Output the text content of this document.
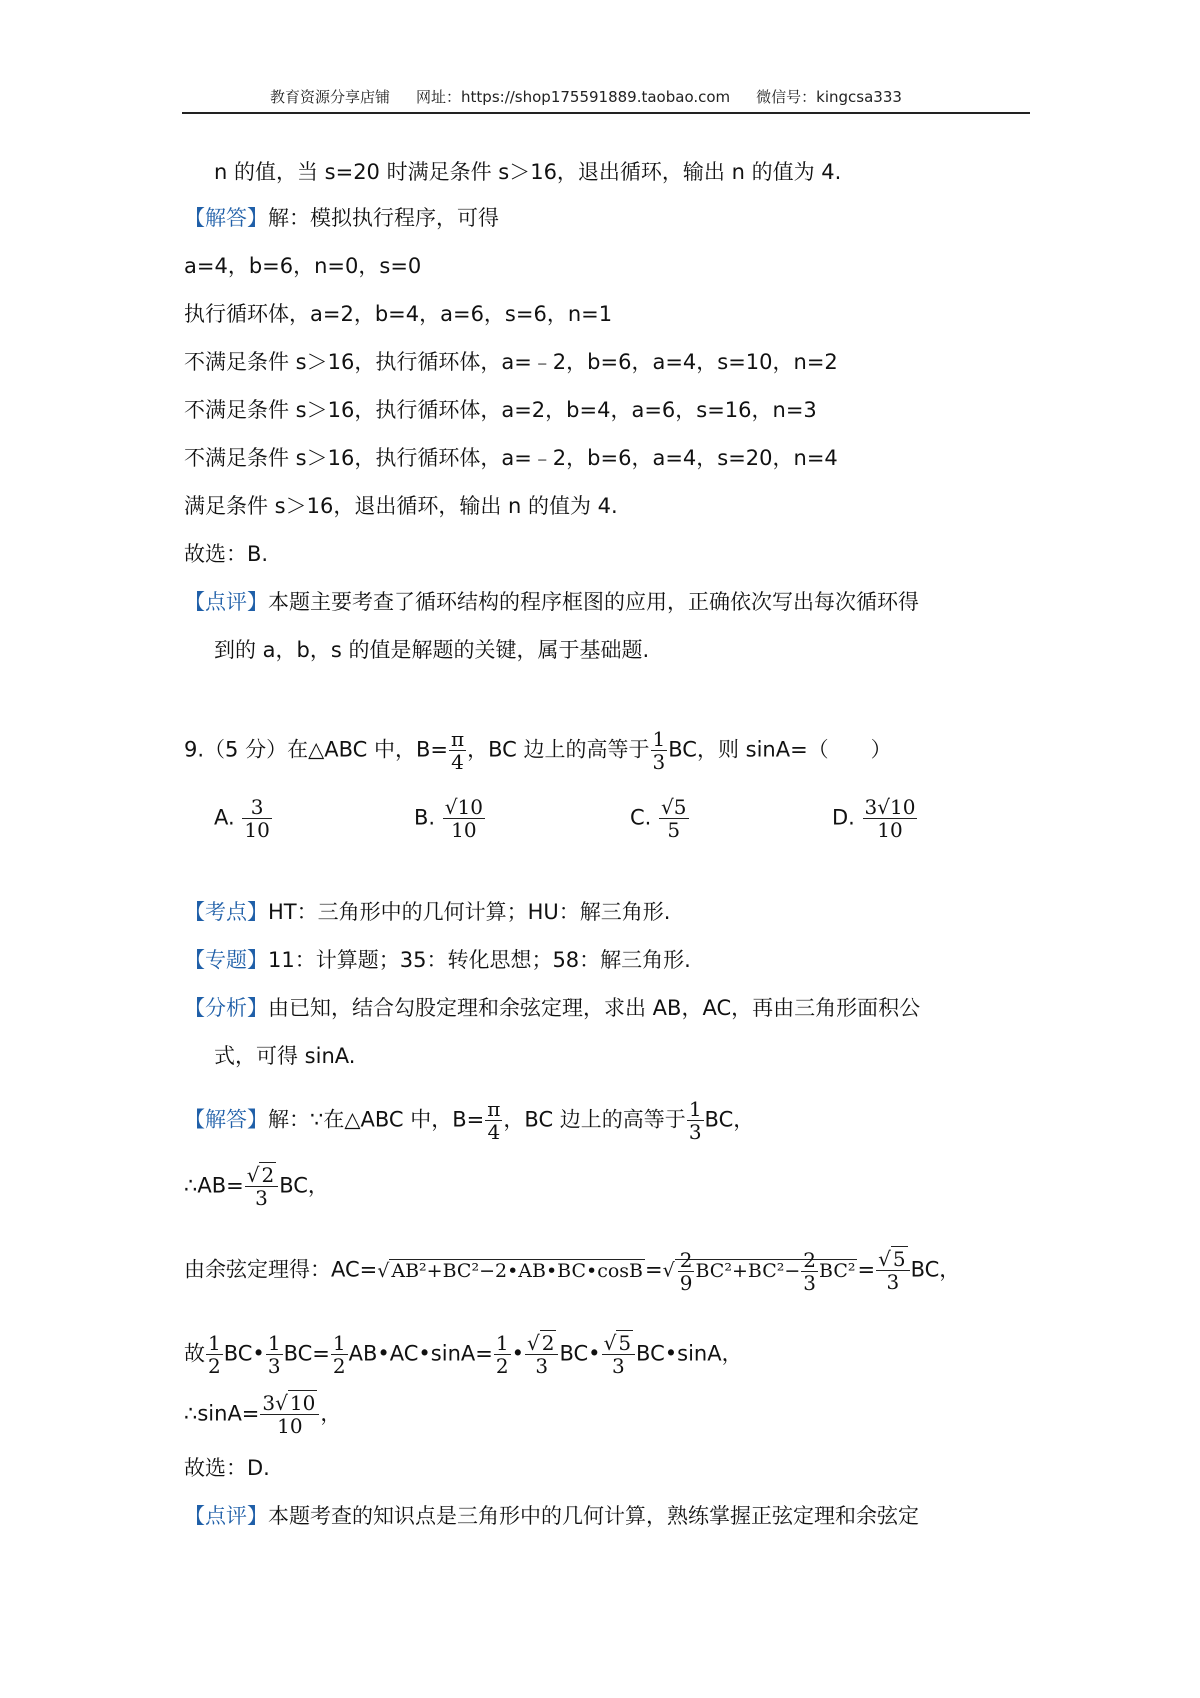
教育资源分享店铺 网址：https://shop175591889.taobao.com 微信号：kingcsa333
n 的值，当 s=20 时满足条件 s＞16，退出循环，输出 n 的值为 4.
【解答】解：模拟执行程序，可得
a=4，b=6，n=0，s=0
执行循环体，a=2，b=4，a=6，s=6，n=1
不满足条件 s＞16，执行循环体，a=﹣2，b=6，a=4，s=10，n=2
不满足条件 s＞16，执行循环体，a=2，b=4，a=6，s=16，n=3
不满足条件 s＞16，执行循环体，a=﹣2，b=6，a=4，s=20，n=4
满足条件 s＞16，退出循环，输出 n 的值为 4.
故选：B.
【点评】本题主要考查了循环结构的程序框图的应用，正确依次写出每次循环得
到的 a，b，s 的值是解题的关键，属于基础题.
9.（5 分）在△ABC 中，$B= \frac{\pi}{4}$ ，BC 边上的高等于 $\frac{1}{3}$ BC，则 sinA=（　　）
A. $\frac{3}{10}$	B. $\frac{√10}{10}$	C. $\frac{√5}{5}$	D. $\frac{3√10}{10}$
【考点】HT：三角形中的几何计算；HU：解三角形.
【专题】11：计算题；35：转化思想；58：解三角形.
【分析】由已知，结合勾股定理和余弦定理，求出 AB，AC，再由三角形面积公
式，可得 sinA.
【解答】解：∵在△ABC 中，$B= \frac{\pi}{4}$ ，BC 边上的高等于 $\frac{1}{3}$ BC，
∴AB= $\frac{√ 2}{3}$ BC，
由余弦定理得：AC=√ AB²+BC²−2•AB•BC•cosB=√ $\frac{2}{9} BC^2+BC^2- \frac{2}{3} BC^2= \frac{√ 5}{3}$ BC，
故 $\frac{1}{2}$ BC• $\frac{1}{3} BC= \frac{1}{2}$ AB•AC•sinA= $\frac{1}{2}$ • $\frac{√ 2}{3}$ BC• $\frac{√ 5}{3}$ BC•sinA，
∴sinA= $\frac{3√ 10}{10}$ ，
故选：D.
【点评】本题考查的知识点是三角形中的几何计算，熟练掌握正弦定理和余弦定
